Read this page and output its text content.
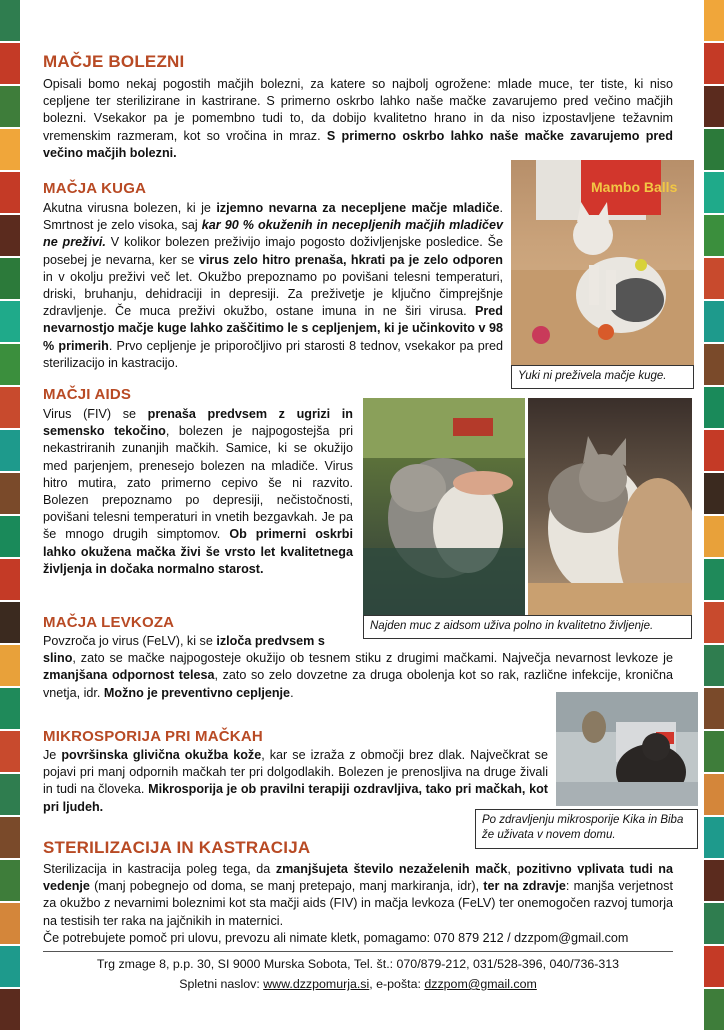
MAČJE BOLEZNI

Opisali bomo nekaj pogostih mačjih bolezni, za katere so najbolj ogrožene: mlade muce, ter tiste, ki niso cepljene ter sterilizirane in kastrirane. S primerno oskrbo lahko naše mačke zavarujemo pred večino mačjih bolezni. Vsekakor pa je pomembno tudi to, da dobijo kvalitetno hrano in da niso izpostavljene težavnim vremenskim razmeram, kot so vročina in mraz. S primerno oskrbo lahko naše mačke zavarujemo pred večino mačjih bolezni.

MAČJA KUGA

Akutna virusna bolezen, ki je izjemno nevarna za necepljene mačje mladiče. Smrtnost je zelo visoka, saj kar 90 % okuženih in necepljenih mačjih mladičev ne preživi. V kolikor bolezen preživijo imajo pogosto doživljenjske posledice. Še posebej je nevarna, ker se virus zelo hitro prenaša, hkrati pa je zelo odporen in v okolju preživi več let. Okužbo prepoznamo po povišani telesni temperaturi, driski, bruhanju, dehidraciji in depresiji. Za preživetje je ključno čimprejšnje zdravljenje. Če muca preživi okužbo, ostane imuna in ne širi virusa. Pred nevarnostjo mačje kuge lahko zaščitimo le s cepljenjem, ki je učinkovito v 98 % primerih. Prvo cepljenje je priporočljivo pri starosti 8 tednov, vsekakor pa pred sterilizacijo in kastracijo.

MAČJI AIDS

Virus (FIV) se prenaša predvsem z ugrizi in semensko tekočino, bolezen je najpogostejša pri nekastriranih zunanjih mačkih. Samice, ki se okužijo med parjenjem, prenesejo bolezen na mladiče. Virus hitro mutira, zato primerno cepivo še ni razvito. Bolezen prepoznamo po depresiji, nečistočnosti, povišani telesni temperaturi in vnetih bezgavkah. Je pa še mnogo drugih simptomov. Ob primerni oskrbi lahko okužena mačka živi še vrsto let kvalitetnega življenja in dočaka normalno starost.

MAČJA LEVKOZA

Povzroča jo virus (FeLV), ki se izloča predvsem s
slino, zato se mačke najpogosteje okužijo ob tesnem stiku z drugimi mačkami. Največja nevarnost levkoze je zmanjšana odpornost telesa, zato so zelo dovzetne za druga obolenja kot so rak, različne infekcije, kronična vnetja, idr. Možno je preventivno cepljenje.

MIKROSPORIJA PRI MAČKAH

Je površinska glivična okužba kože, kar se izraža z območji brez dlak. Največkrat se pojavi pri manj odpornih mačkah ter pri dolgodlakih. Bolezen je prenosljiva na druge živali in tudi na človeka. Mikrosporija je ob pravilni terapiji ozdravljiva, tako pri mačkah, kot pri ljudeh.

STERILIZACIJA IN KASTRACIJA

Sterilizacija in kastracija poleg tega, da zmanjšujeta število nezaželenih mačk, pozitivno vplivata tudi na vedenje (manj pobegnejo od doma, se manj pretepajo, manj markiranja, idr), ter na zdravje: manjša verjetnost za okužbo z nevarnimi boleznimi kot sta mačji aids (FIV) in mačja levkoza (FeLV) ter onemogočen razvoj tumorja na testisih ter raka na jajčnikih in maternici.

Če potrebujete pomoč pri ulovu, prevozu ali nimate kletk, pomagamo: 070 879 212 / dzzpom@gmail.com

Trg zmage 8, p.p. 30, SI 9000 Murska Sobota, Tel. št.: 070/879-212, 031/528-396, 040/736-313
Spletni naslov: www.dzzpomurja.si, e-pošta: dzzpom@gmail.com
Mambo Balls
Yuki ni preživela mačje kuge.
Najden muc z aidsom uživa polno in kvalitetno življenje.
Po zdravljenju mikrosporije Kika in Biba že uživata v novem domu.
